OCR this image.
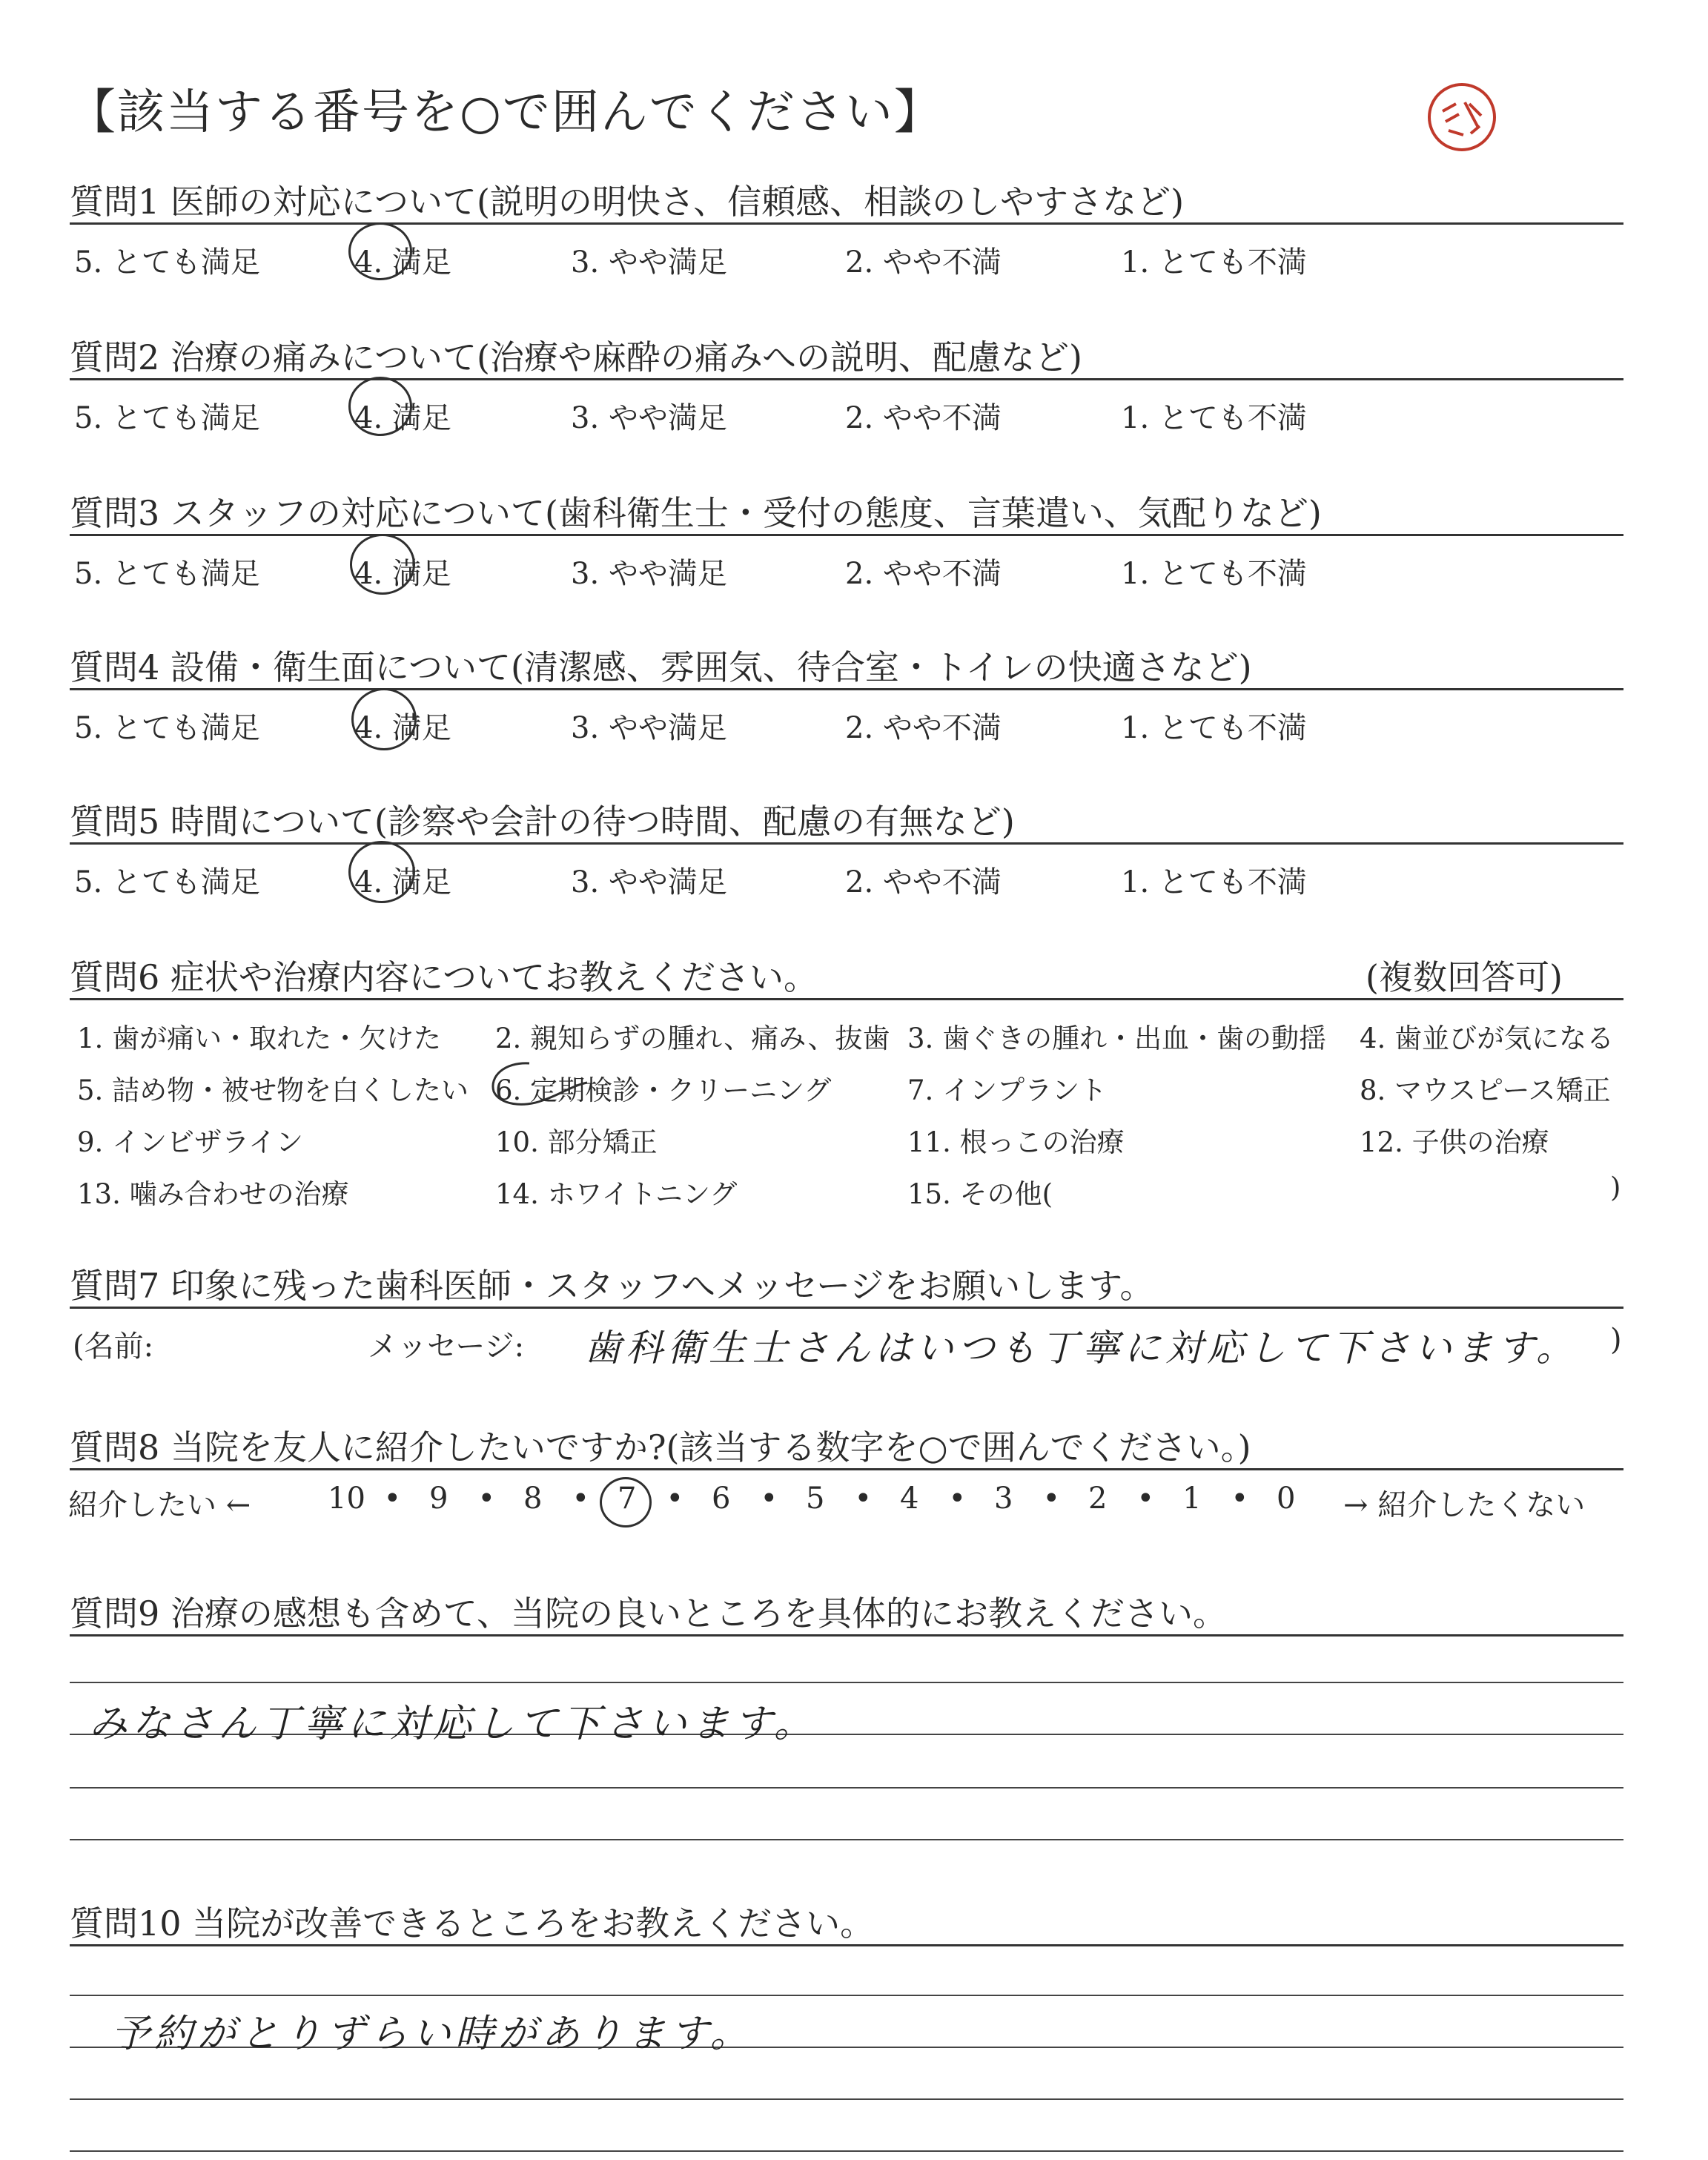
【該当する番号を○で囲んでください】
質問1 医師の対応について(説明の明快さ、信頼感、相談のしやすさなど)
5. とても満足	4. 満足	3. やや満足	2. やや不満	1. とても不満
質問2 治療の痛みについて(治療や麻酔の痛みへの説明、配慮など)
5. とても満足	4. 満足	3. やや満足	2. やや不満	1. とても不満
質問3 スタッフの対応について(歯科衛生士・受付の態度、言葉遣い、気配りなど)
5. とても満足	4. 満足	3. やや満足	2. やや不満	1. とても不満
質問4 設備・衛生面について(清潔感、雰囲気、待合室・トイレの快適さなど)
5. とても満足	4. 満足	3. やや満足	2. やや不満	1. とても不満
質問5 時間について(診察や会計の待つ時間、配慮の有無など)
5. とても満足	4. 満足	3. やや満足	2. やや不満	1. とても不満
質問6 症状や治療内容についてお教えください。	(複数回答可)
1. 歯が痛い・取れた・欠けた 2. 親知らずの腫れ、痛み、抜歯 3. 歯ぐきの腫れ・出血・歯の動揺 4. 歯並びが気になる
5. 詰め物・被せ物を白くしたい 6. 定期検診・クリーニング	7. インプラント	8. マウスピース矯正
9. インビザライン	10. 部分矯正	11. 根っこの治療	12. 子供の治療
13. 噛み合わせの治療	14. ホワイトニング	15. その他(	)
質問7 印象に残った歯科医師・スタッフへメッセージをお願いします。
(名前:	メッセージ: 歯科衛生士さんはいつも丁寧に対応して下さいます。 )
質問8 当院を友人に紹介したいですか?(該当する数字を○で囲んでください。)
紹介したい ←	→ 紹介したくない
10 • 9 • 8 • 7 • 6 • 5 • 4 • 3 • 2 • 1 • 0
質問9 治療の感想も含めて、当院の良いところを具体的にお教えください。
みなさん丁寧に対応して下さいます。
質問10 当院が改善できるところをお教えください。
予約がとりずらい時があります。
